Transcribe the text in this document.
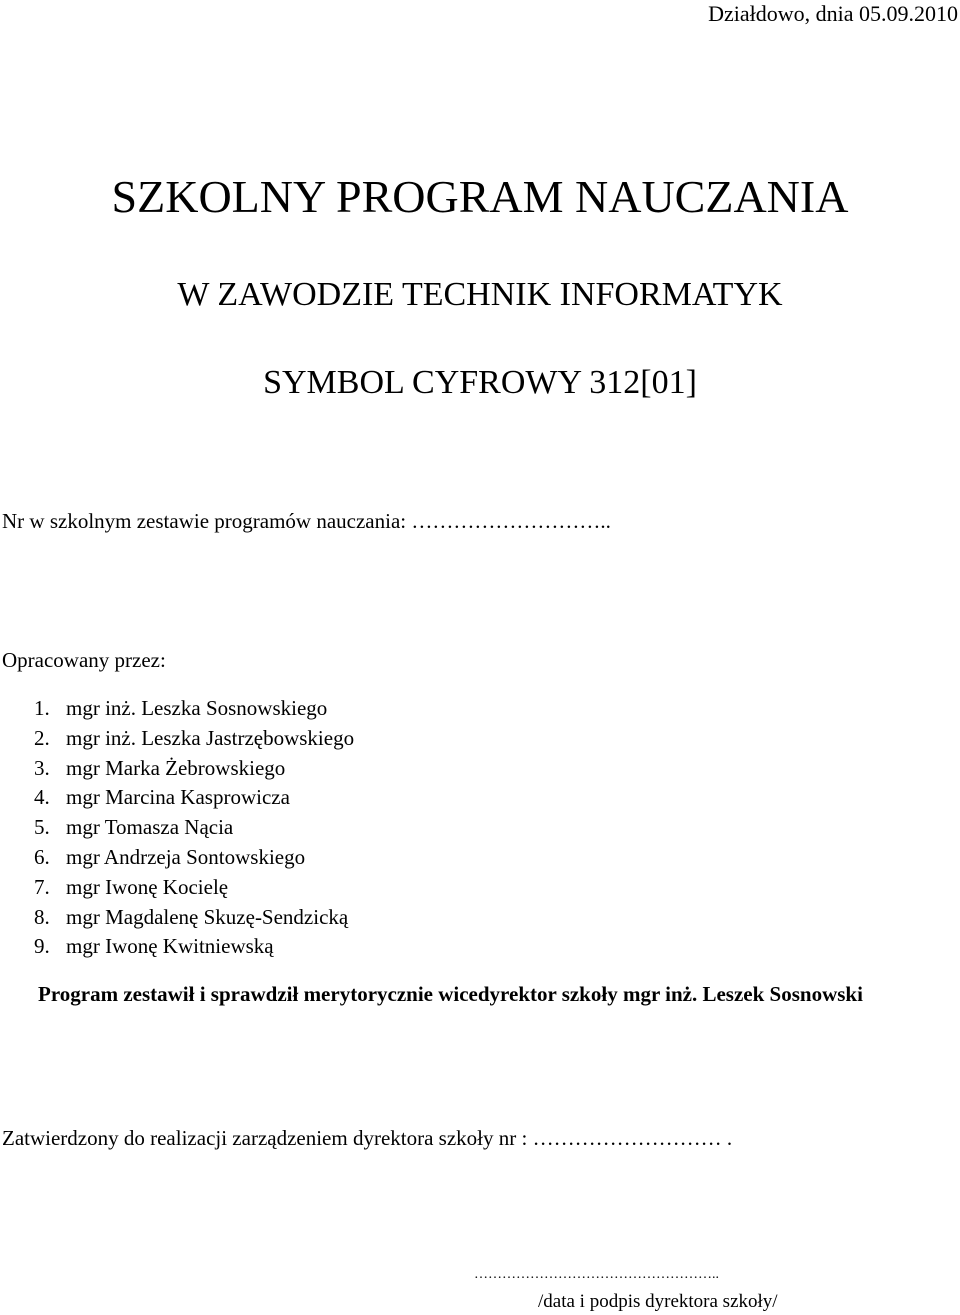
Działdowo, dnia 05.09.2010
SZKOLNY PROGRAM NAUCZANIA
W ZAWODZIE TECHNIK INFORMATYK
SYMBOL CYFROWY 312[01]
Nr w szkolnym zestawie programów nauczania: ………………………..
Opracowany przez:
1. mgr inż. Leszka Sosnowskiego
2. mgr inż. Leszka Jastrzębowskiego
3. mgr Marka Żebrowskiego
4. mgr Marcina Kasprowicza
5. mgr Tomasza Nącia
6. mgr Andrzeja Sontowskiego
7. mgr Iwonę Kocielę
8. mgr Magdalenę Skuzę-Sendzicką
9. mgr Iwonę Kwitniewską
Program zestawił i sprawdził merytorycznie wicedyrektor szkoły mgr inż. Leszek Sosnowski
Zatwierdzony do realizacji zarządzeniem dyrektora szkoły nr : ……………………… .
……………………………………………..
/data i podpis dyrektora szkoły/
